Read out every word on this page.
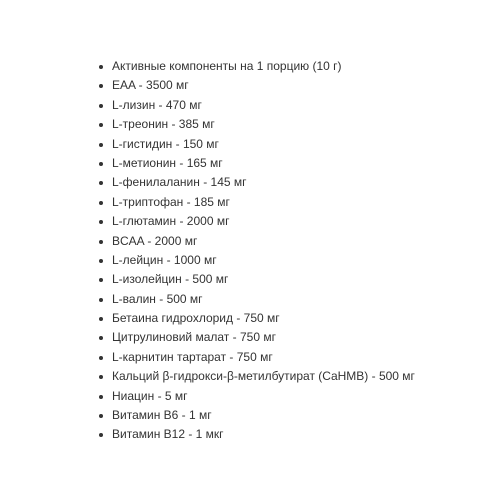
Активные компоненты на 1 порцию (10 г)
EAA - 3500 мг
L-лизин - 470 мг
L-треонин - 385 мг
L-гистидин - 150 мг
L-метионин - 165 мг
L-фенилаланин - 145 мг
L-триптофан - 185 мг
L-глютамин - 2000 мг
BCAA - 2000 мг
L-лейцин - 1000 мг
L-изолейцин - 500 мг
L-валин - 500 мг
Бетаина гидрохлорид - 750 мг
Цитрулиновий малат - 750 мг
L-карнитин тартарат - 750 мг
Кальций β-гидрокси-β-метилбутират (CaHMB) - 500 мг
Ниацин - 5 мг
Витамин B6 - 1 мг
Витамин B12 - 1 мкг
